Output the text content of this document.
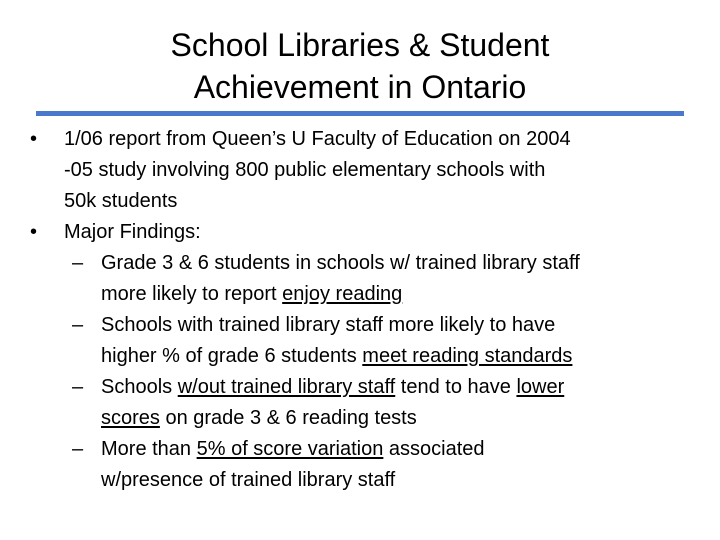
School Libraries & Student
Achievement in Ontario
• 1/06 report from Queen’s U Faculty of Education on 2004
-05 study involving 800 public elementary schools with
50k students
• Major Findings:
– Grade 3 & 6 students in schools w/ trained library staff
more likely to report enjoy reading
– Schools with trained library staff more likely to have
higher % of grade 6 students meet reading standards
– Schools w/out trained library staff tend to have lower
scores on grade 3 & 6 reading tests
– More than 5% of score variation associated
w/presence of trained library staff
